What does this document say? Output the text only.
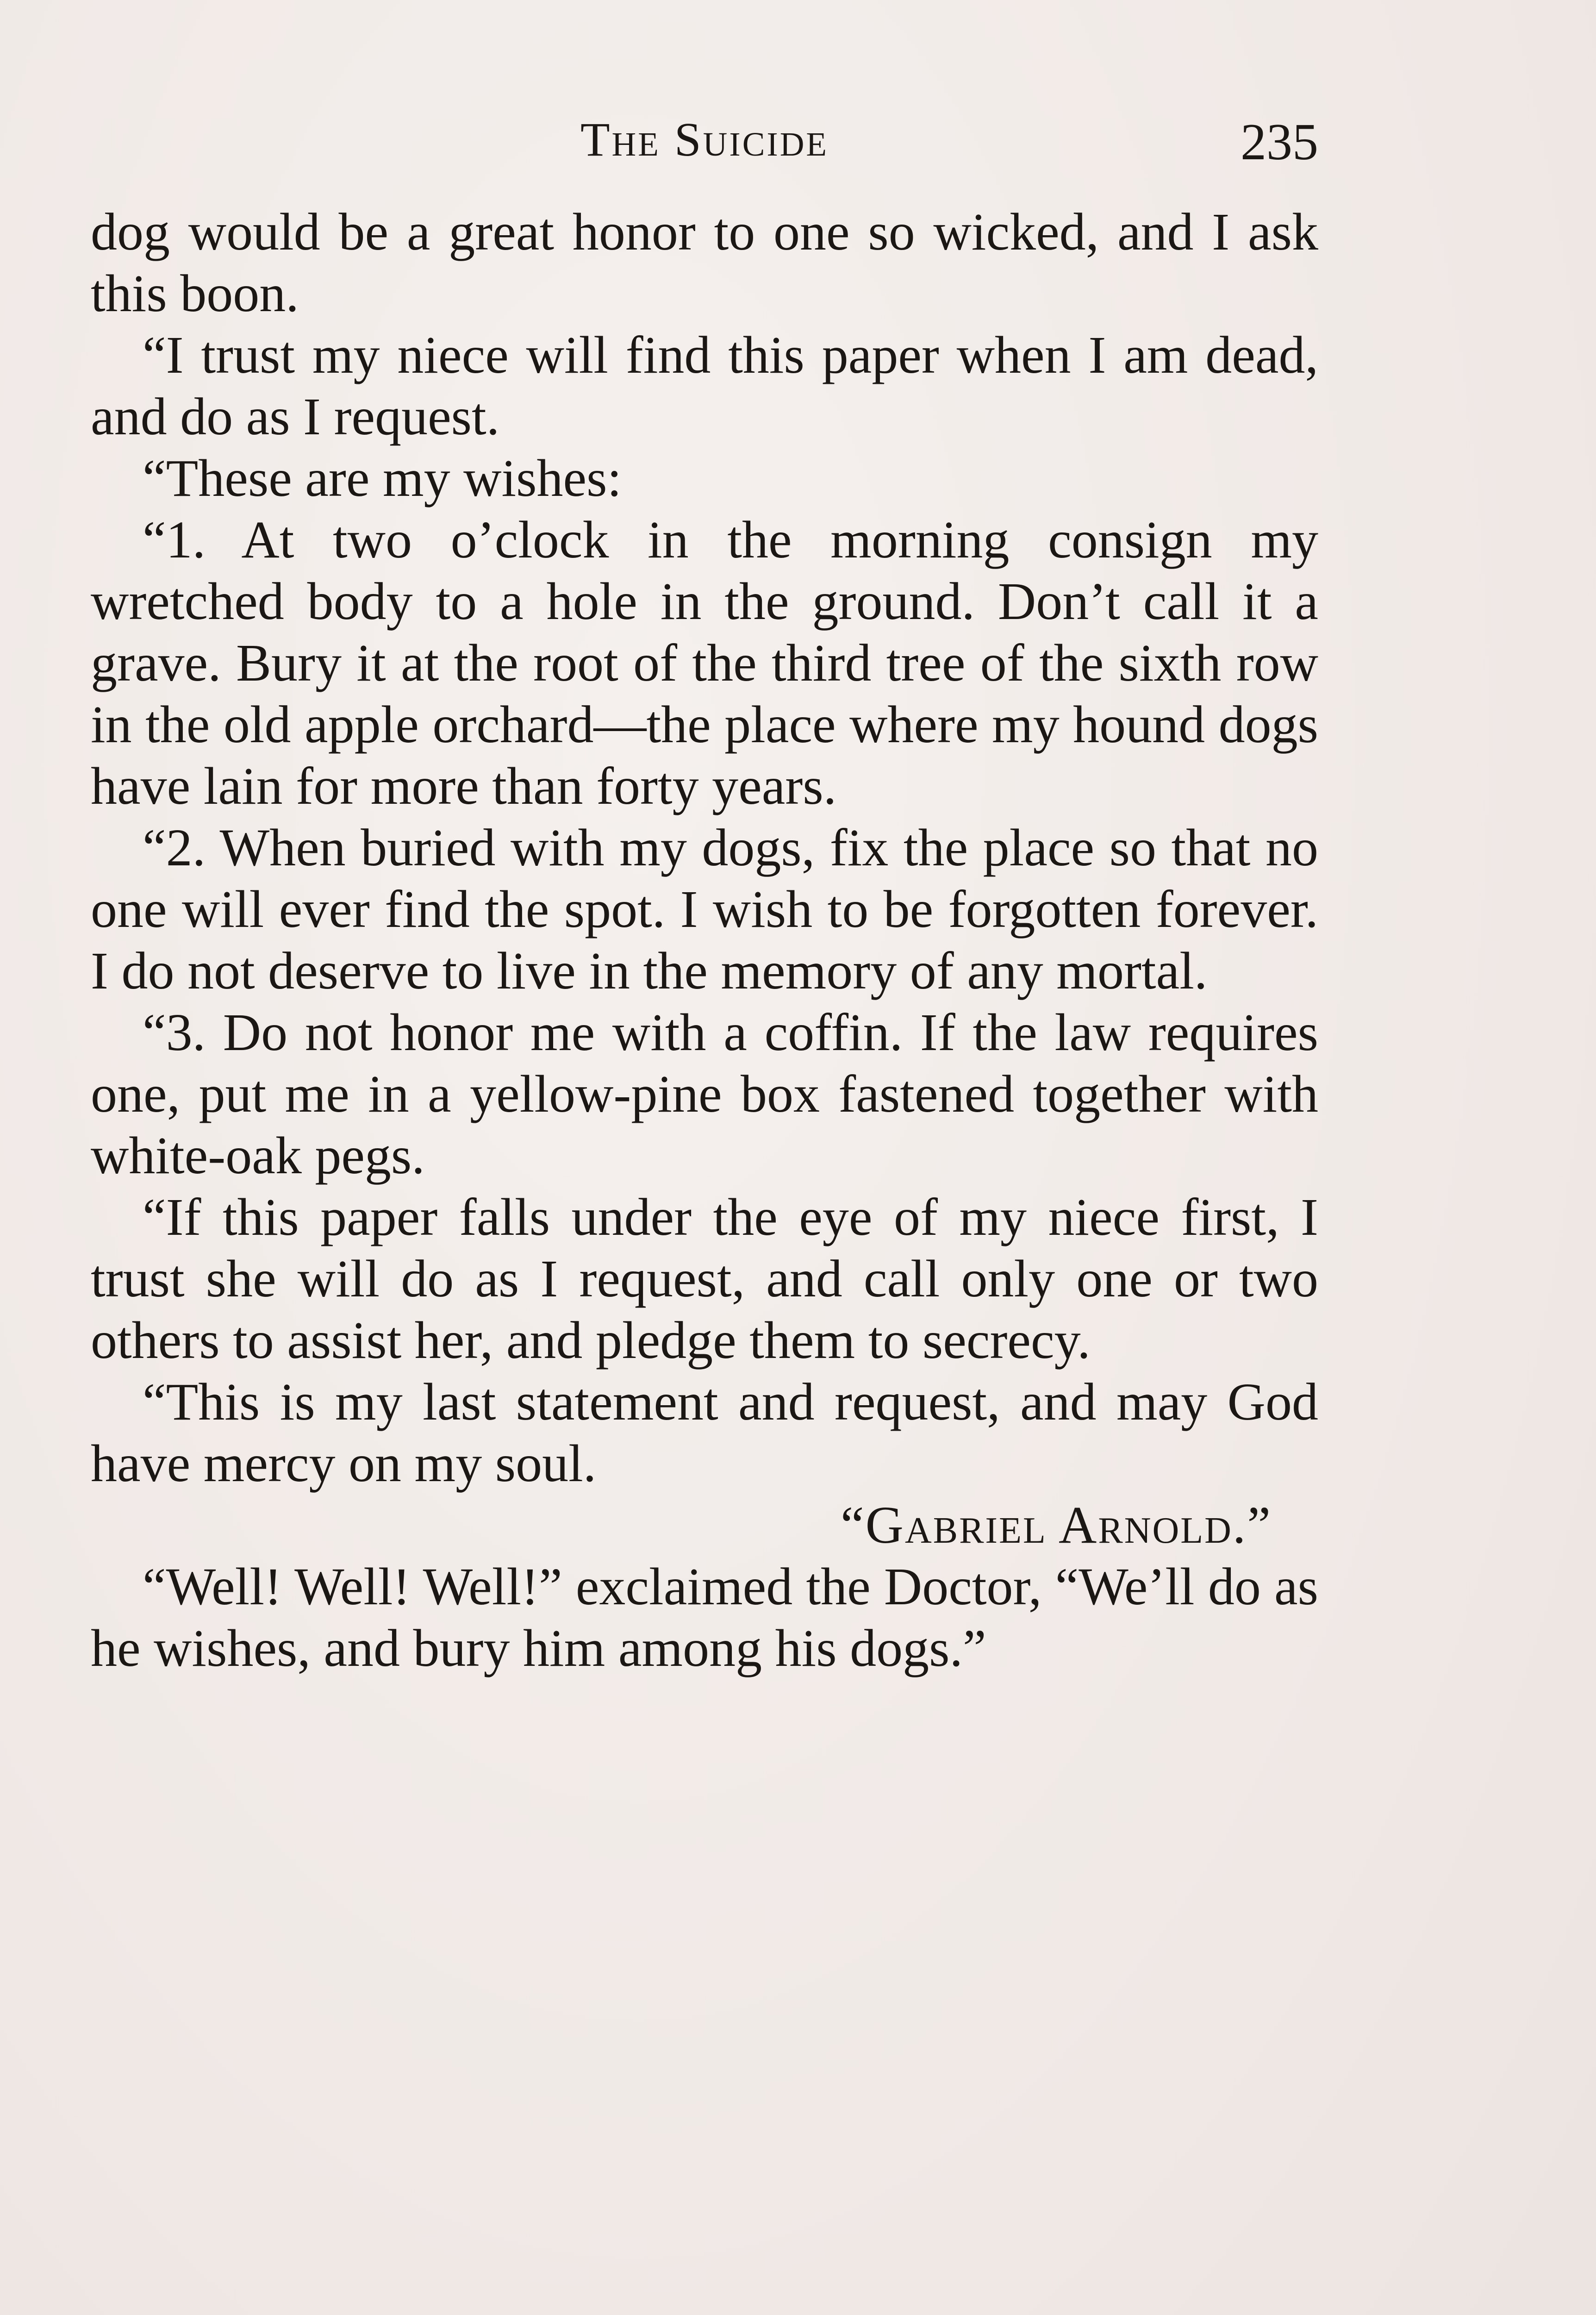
The Suicide	235

dog would be a great honor to one so wicked, and I ask this boon.

“I trust my niece will find this paper when I am dead, and do as I request.

“These are my wishes:

“1. At two o’clock in the morning consign my wretched body to a hole in the ground. Don’t call it a grave. Bury it at the root of the third tree of the sixth row in the old apple orchard—the place where my hound dogs have lain for more than forty years.

“2. When buried with my dogs, fix the place so that no one will ever find the spot. I wish to be forgotten forever. I do not deserve to live in the memory of any mortal.

“3. Do not honor me with a coffin. If the law requires one, put me in a yellow-pine box fastened together with white-oak pegs.

“If this paper falls under the eye of my niece first, I trust she will do as I request, and call only one or two others to assist her, and pledge them to secrecy.

“This is my last statement and request, and may God have mercy on my soul.

“Gabriel Arnold.”

“Well! Well! Well!” exclaimed the Doctor, “We’ll do as he wishes, and bury him among his dogs.”
